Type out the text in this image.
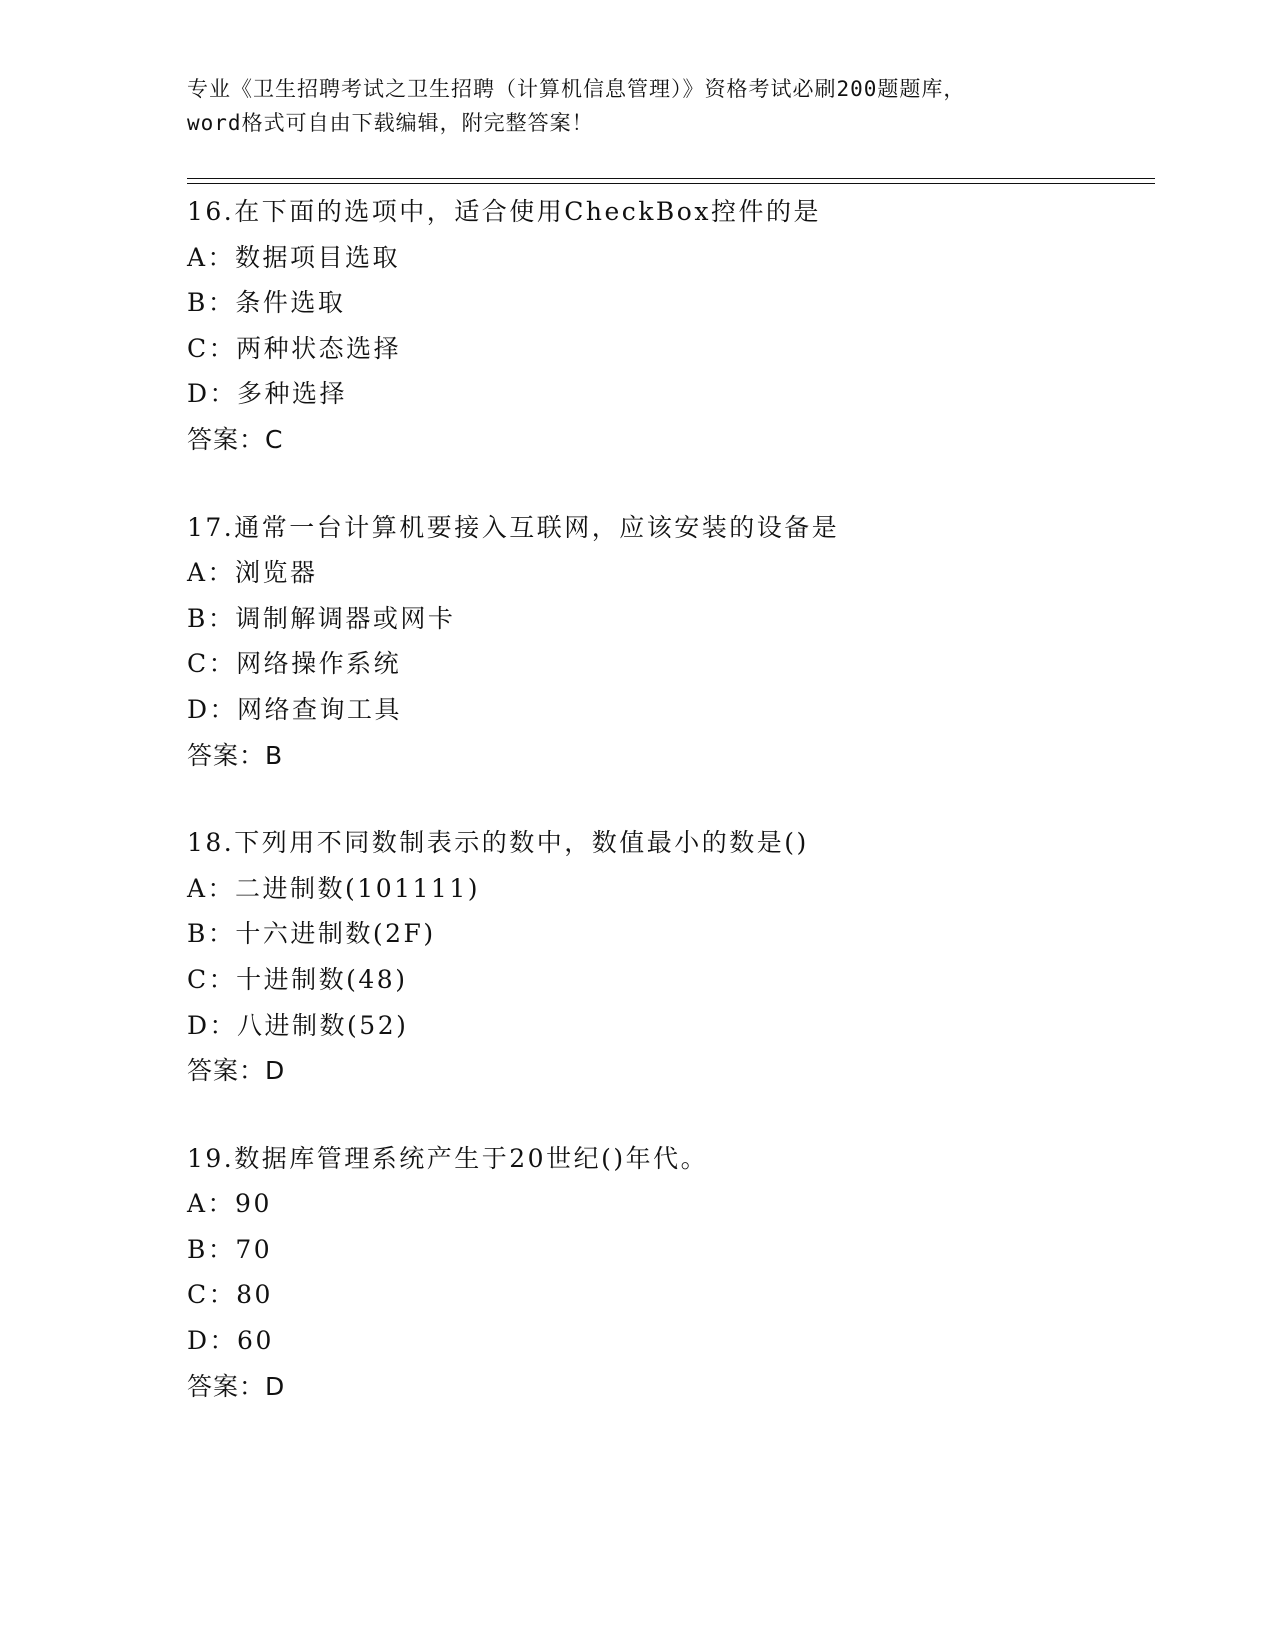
专业《卫生招聘考试之卫生招聘（计算机信息管理）》资格考试必刷200题题库，
word格式可自由下载编辑，附完整答案！
16.在下面的选项中，适合使用CheckBox控件的是
A：数据项目选取
B：条件选取
C：两种状态选择
D：多种选择
答案：C
17.通常一台计算机要接入互联网，应该安装的设备是
A：浏览器
B：调制解调器或网卡
C：网络操作系统
D：网络查询工具
答案：B
18.下列用不同数制表示的数中，数值最小的数是()
A：二进制数(101111)
B：十六进制数(2F)
C：十进制数(48)
D：八进制数(52)
答案：D
19.数据库管理系统产生于20世纪()年代。
A：90
B：70
C：80
D：60
答案：D
